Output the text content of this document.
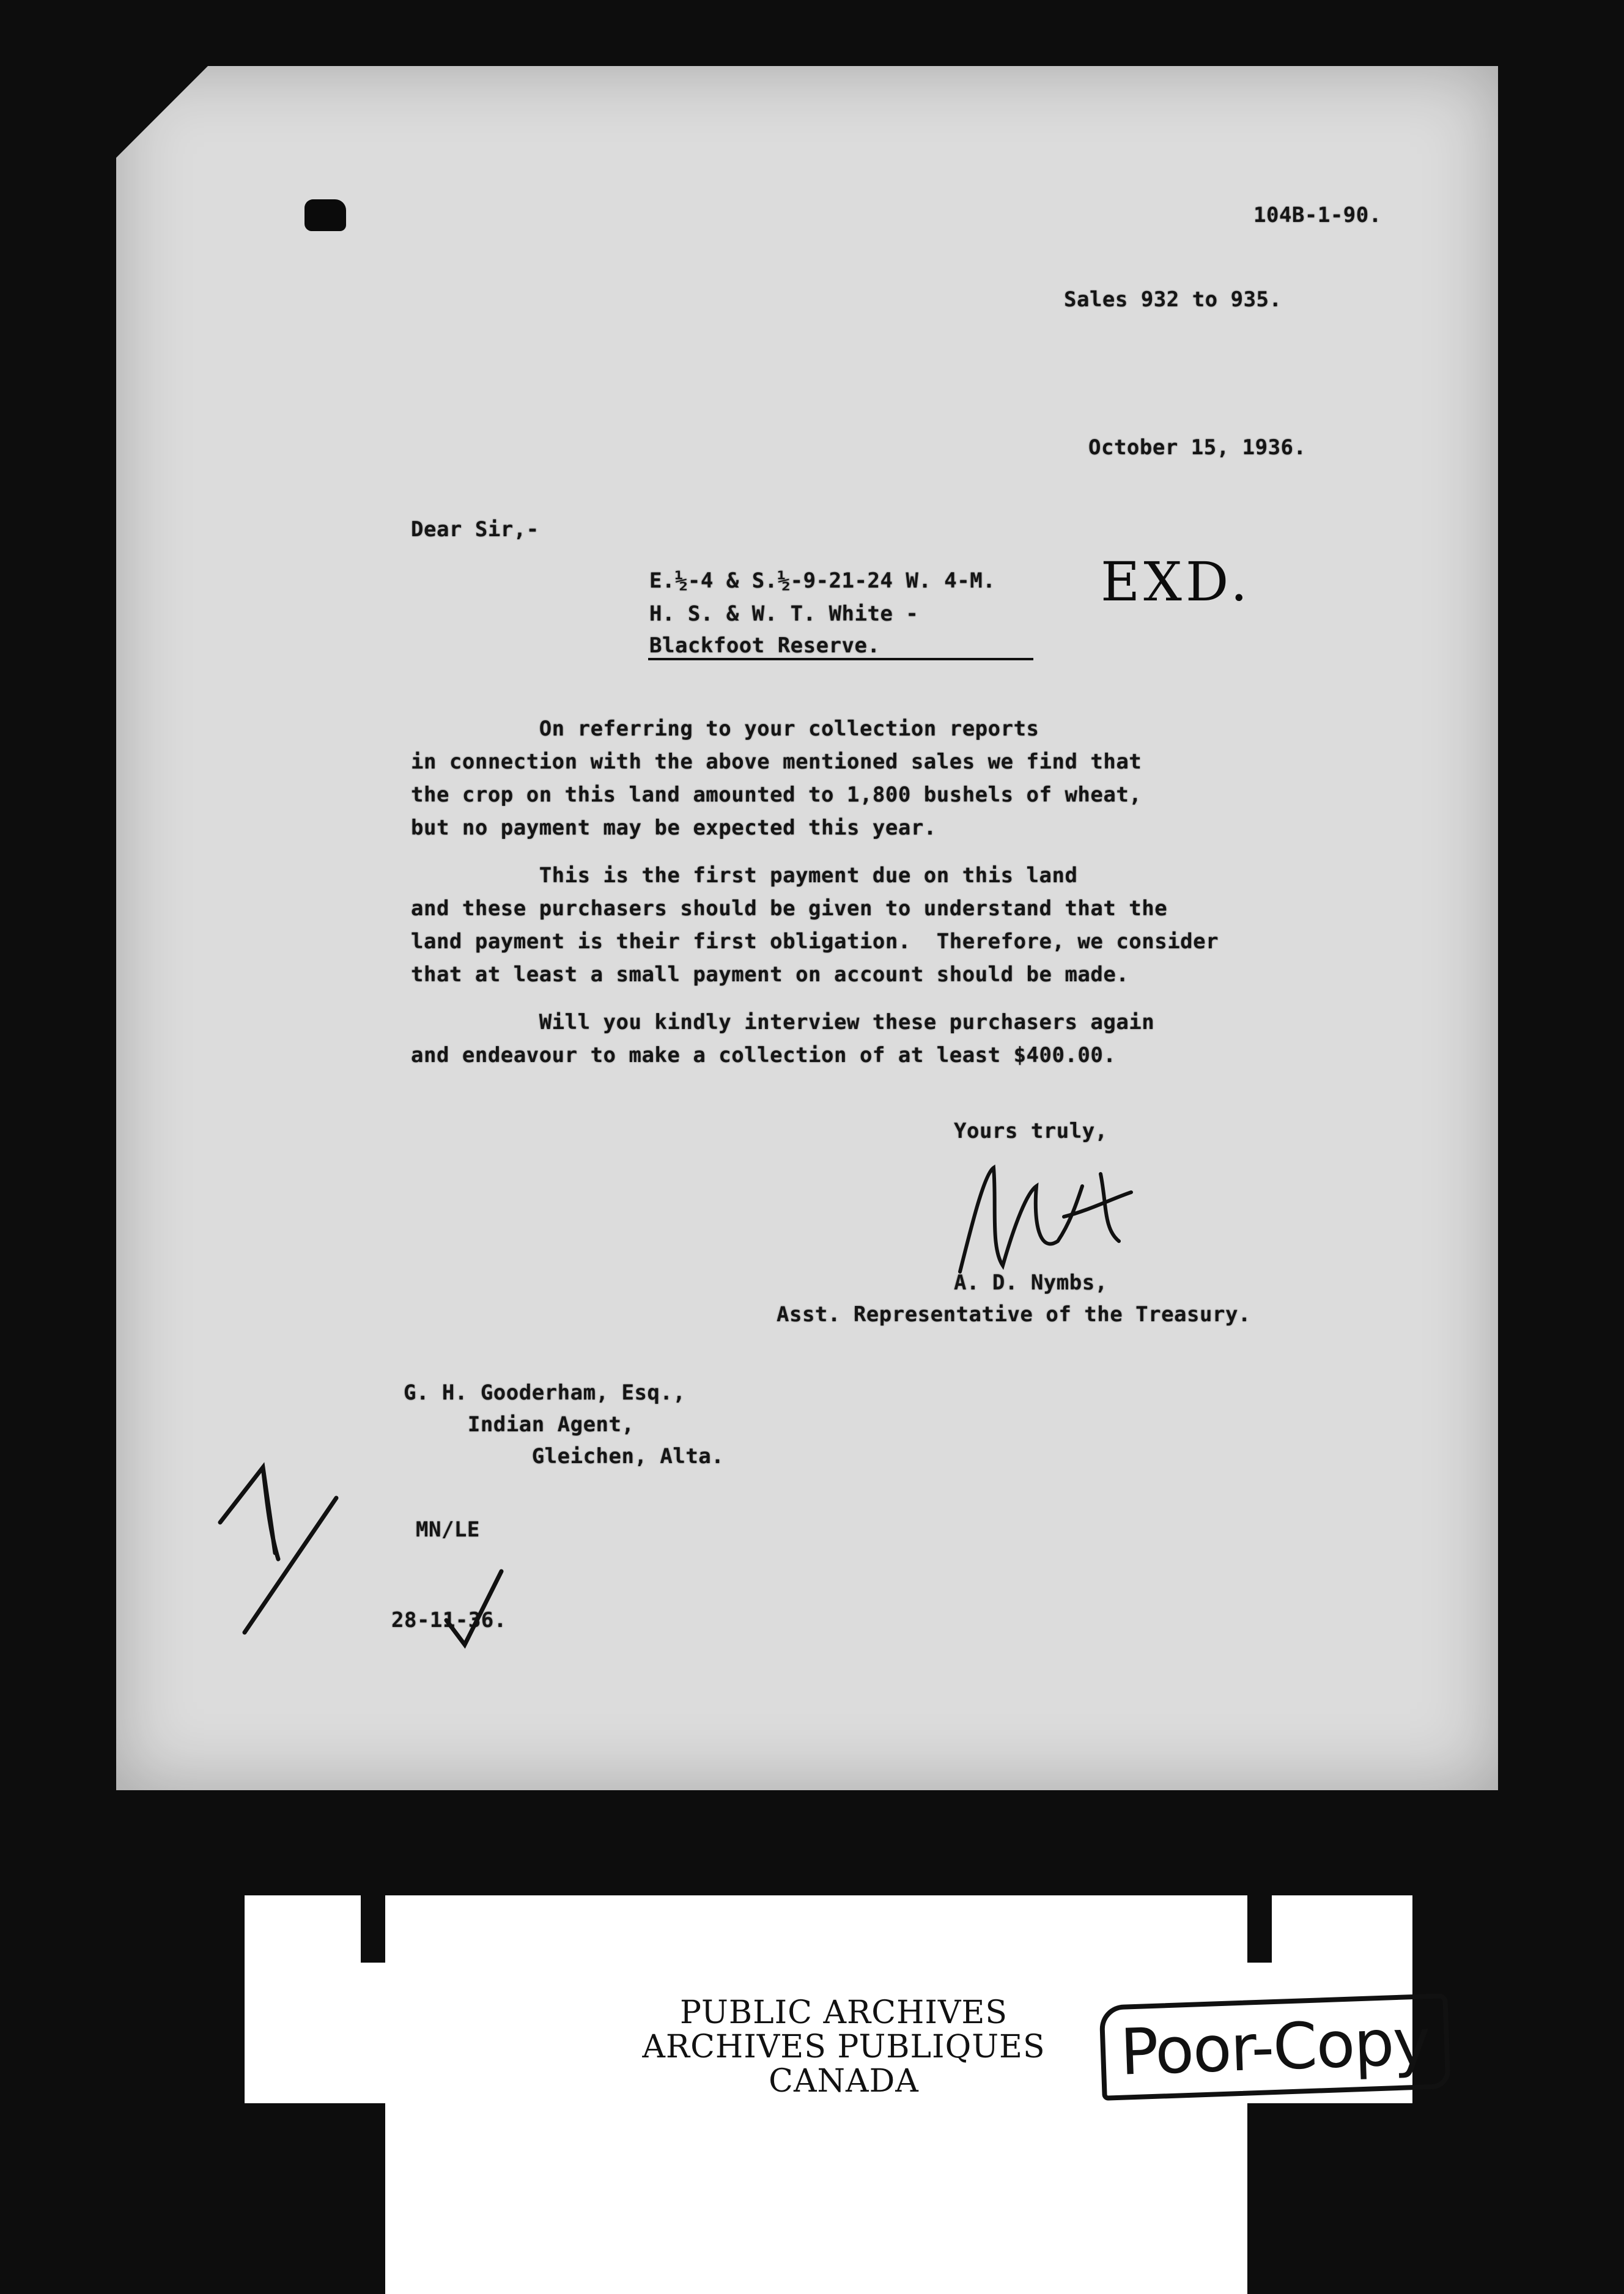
104B-1-90.
Sales 932 to 935.
October 15, 1936.
Dear Sir,-
EXD.
E.½-4 & S.½-9-21-24 W. 4-M.
H. S. & W. T. White -
Blackfoot Reserve.
On referring to your collection reports
in connection with the above mentioned sales we find that
the crop on this land amounted to 1,800 bushels of wheat,
but no payment may be expected this year.
This is the first payment due on this land
and these purchasers should be given to understand that the
land payment is their first obligation.  Therefore, we consider
that at least a small payment on account should be made.
Will you kindly interview these purchasers again
and endeavour to make a collection of at least $400.00.
Yours truly,
A. D. Nymbs,
Asst. Representative of the Treasury.
G. H. Gooderham, Esq.,
Indian Agent,
Gleichen, Alta.
MN/LE
28-11-36.
PUBLIC ARCHIVES
ARCHIVES PUBLIQUES
CANADA	Poor-Copy
